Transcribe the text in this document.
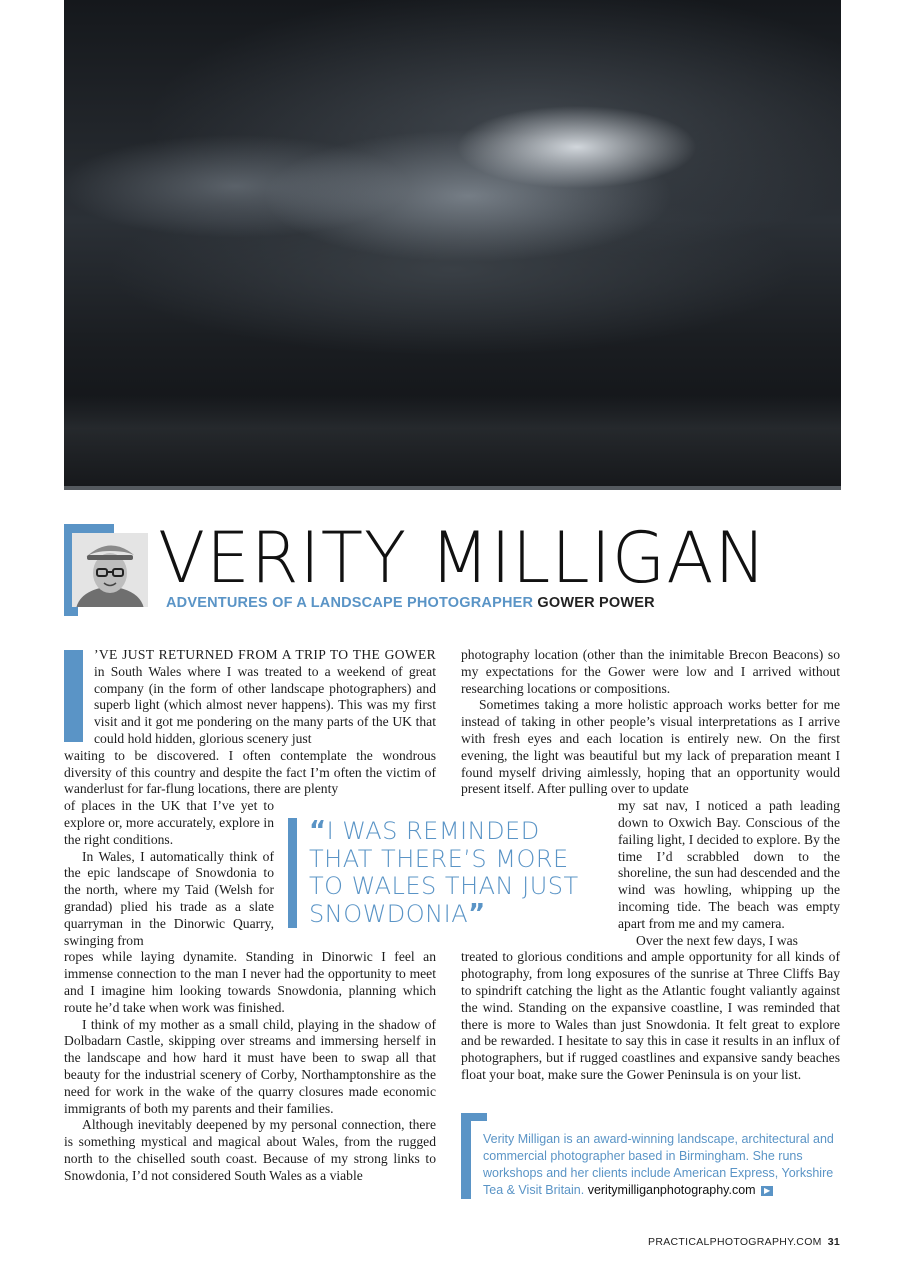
VERITY MILLIGAN
ADVENTURES OF A LANDSCAPE PHOTOGRAPHER GOWER POWER

’VE JUST RETURNED FROM A TRIP TO THE GOWER in South Wales where I was treated to a weekend of great company (in the form of other landscape photographers) and superb light (which almost never happens). This was my first visit and it got me pondering on the many parts of the UK that could hold hidden, glorious scenery just

waiting to be discovered. I often contemplate the wondrous diversity of this country and despite the fact I’m often the victim of wanderlust for far-flung locations, there are plenty

of places in the UK that I’ve yet to explore or, more accurately, explore in the right conditions.

In Wales, I automatically think of the epic landscape of Snowdonia to the north, where my Taid (Welsh for grandad) plied his trade as a slate quarryman in the Dinorwic Quarry, swinging from

ropes while laying dynamite. Standing in Dinorwic I feel an immense connection to the man I never had the opportunity to meet and I imagine him looking towards Snowdonia, planning which route he’d take when work was finished.

I think of my mother as a small child, playing in the shadow of Dolbadarn Castle, skipping over streams and immersing herself in the landscape and how hard it must have been to swap all that beauty for the industrial scenery of Corby, Northamptonshire as the need for work in the wake of the quarry closures made economic immigrants of both my parents and their families.

Although inevitably deepened by my personal connection, there is something mystical and magical about Wales, from the rugged north to the chiselled south coast. Because of my strong links to Snowdonia, I’d not considered South Wales as a viable

photography location (other than the inimitable Brecon Beacons) so my expectations for the Gower were low and I arrived without researching locations or compositions.

Sometimes taking a more holistic approach works better for me instead of taking in other people’s visual interpretations as I arrive with fresh eyes and each location is entirely new. On the first evening, the light was beautiful but my lack of preparation meant I found myself driving aimlessly, hoping that an opportunity would present itself. After pulling over to update

my sat nav, I noticed a path leading down to Oxwich Bay. Conscious of the failing light, I decided to explore. By the time I’d scrabbled down to the shoreline, the sun had descended and the wind was howling, whipping up the incoming tide. The beach was empty apart from me and my camera.

Over the next few days, I was

treated to glorious conditions and ample opportunity for all kinds of photography, from long exposures of the sunrise at Three Cliffs Bay to spindrift catching the light as the Atlantic fought valiantly against the wind. Standing on the expansive coastline, I was reminded that there is more to Wales than just Snowdonia. It felt great to explore and be rewarded. I hesitate to say this in case it results in an influx of photographers, but if rugged coastlines and expansive sandy beaches float your boat, make sure the Gower Peninsula is on your list.

“I WAS REMINDED THAT THERE’S MORE TO WALES THAN JUST SNOWDONIA”
Verity Milligan is an award-winning landscape, architectural and commercial photographer based in Birmingham. She runs workshops and her clients include American Express, Yorkshire Tea & Visit Britain. veritymilliganphotography.com ▶
PRACTICALPHOTOGRAPHY.COM 31
